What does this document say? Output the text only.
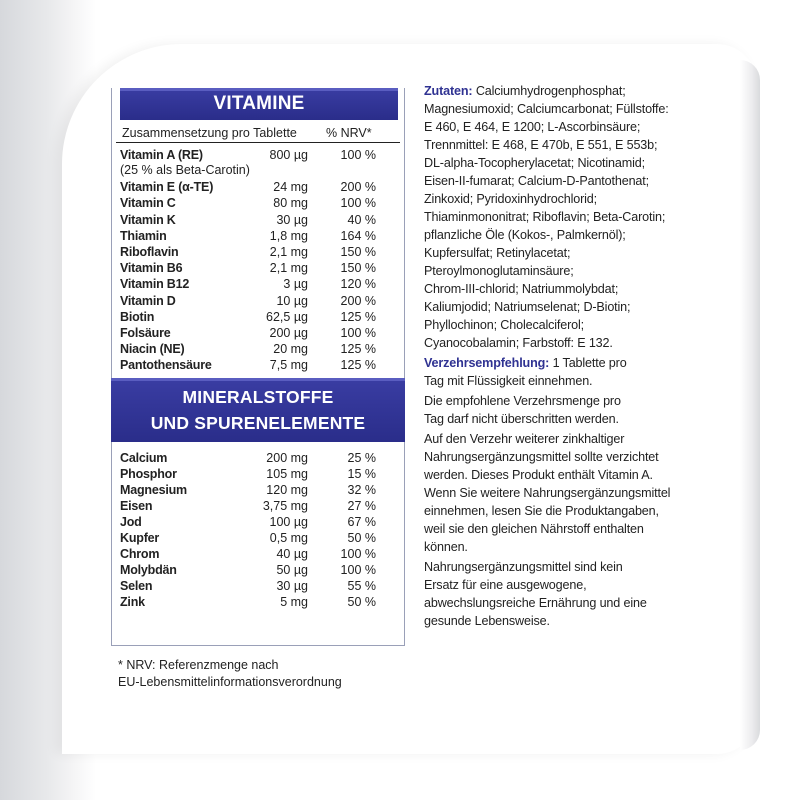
VITAMINE
Zusammensetzung pro Tablette	% NRV*
Vitamin A (RE)	800 µg	100 %
(25 % als Beta-Carotin)
Vitamin E (α-TE)	24 mg	200 %
Vitamin C	80 mg	100 %
Vitamin K	30 µg	40 %
Thiamin	1,8 mg	164 %
Riboflavin	2,1 mg	150 %
Vitamin B6	2,1 mg	150 %
Vitamin B12	3 µg	120 %
Vitamin D	10 µg	200 %
Biotin	62,5 µg	125 %
Folsäure	200 µg	100 %
Niacin (NE)	20 mg	125 %
Pantothensäure	7,5 mg	125 %
MINERALSTOFFE
UND SPURENELEMENTE
Calcium	200 mg	25 %
Phosphor	105 mg	15 %
Magnesium	120 mg	32 %
Eisen	3,75 mg	27 %
Jod	100 µg	67 %
Kupfer	0,5 mg	50 %
Chrom	40 µg	100 %
Molybdän	50 µg	100 %
Selen	30 µg	55 %
Zink	5 mg	50 %
* NRV: Referenzmenge nach
EU-Lebensmittelinformationsverordnung

Zutaten: Calciumhydrogenphosphat;
Magnesiumoxid; Calciumcarbonat; Füllstoffe:
E 460, E 464, E 1200; L-Ascorbinsäure;
Trennmittel: E 468, E 470b, E 551, E 553b;
DL-alpha-Tocopherylacetat; Nicotinamid;
Eisen-II-fumarat; Calcium-D-Pantothenat;
Zinkoxid; Pyridoxinhydrochlorid;
Thiaminmononitrat; Riboflavin; Beta-Carotin;
pflanzliche Öle (Kokos-, Palmkernöl);
Kupfersulfat; Retinylacetat;
Pteroylmonoglutaminsäure;
Chrom-III-chlorid; Natriummolybdat;
Kaliumjodid; Natriumselenat; D-Biotin;
Phyllochinon; Cholecalciferol;
Cyanocobalamin; Farbstoff: E 132.

Verzehrsempfehlung: 1 Tablette pro
Tag mit Flüssigkeit einnehmen.

Die empfohlene Verzehrsmenge pro
Tag darf nicht überschritten werden.

Auf den Verzehr weiterer zinkhaltiger
Nahrungsergänzungsmittel sollte verzichtet
werden. Dieses Produkt enthält Vitamin A.
Wenn Sie weitere Nahrungsergänzungsmittel
einnehmen, lesen Sie die Produktangaben,
weil sie den gleichen Nährstoff enthalten
können.

Nahrungsergänzungsmittel sind kein
Ersatz für eine ausgewogene,
abwechslungsreiche Ernährung und eine
gesunde Lebensweise.
